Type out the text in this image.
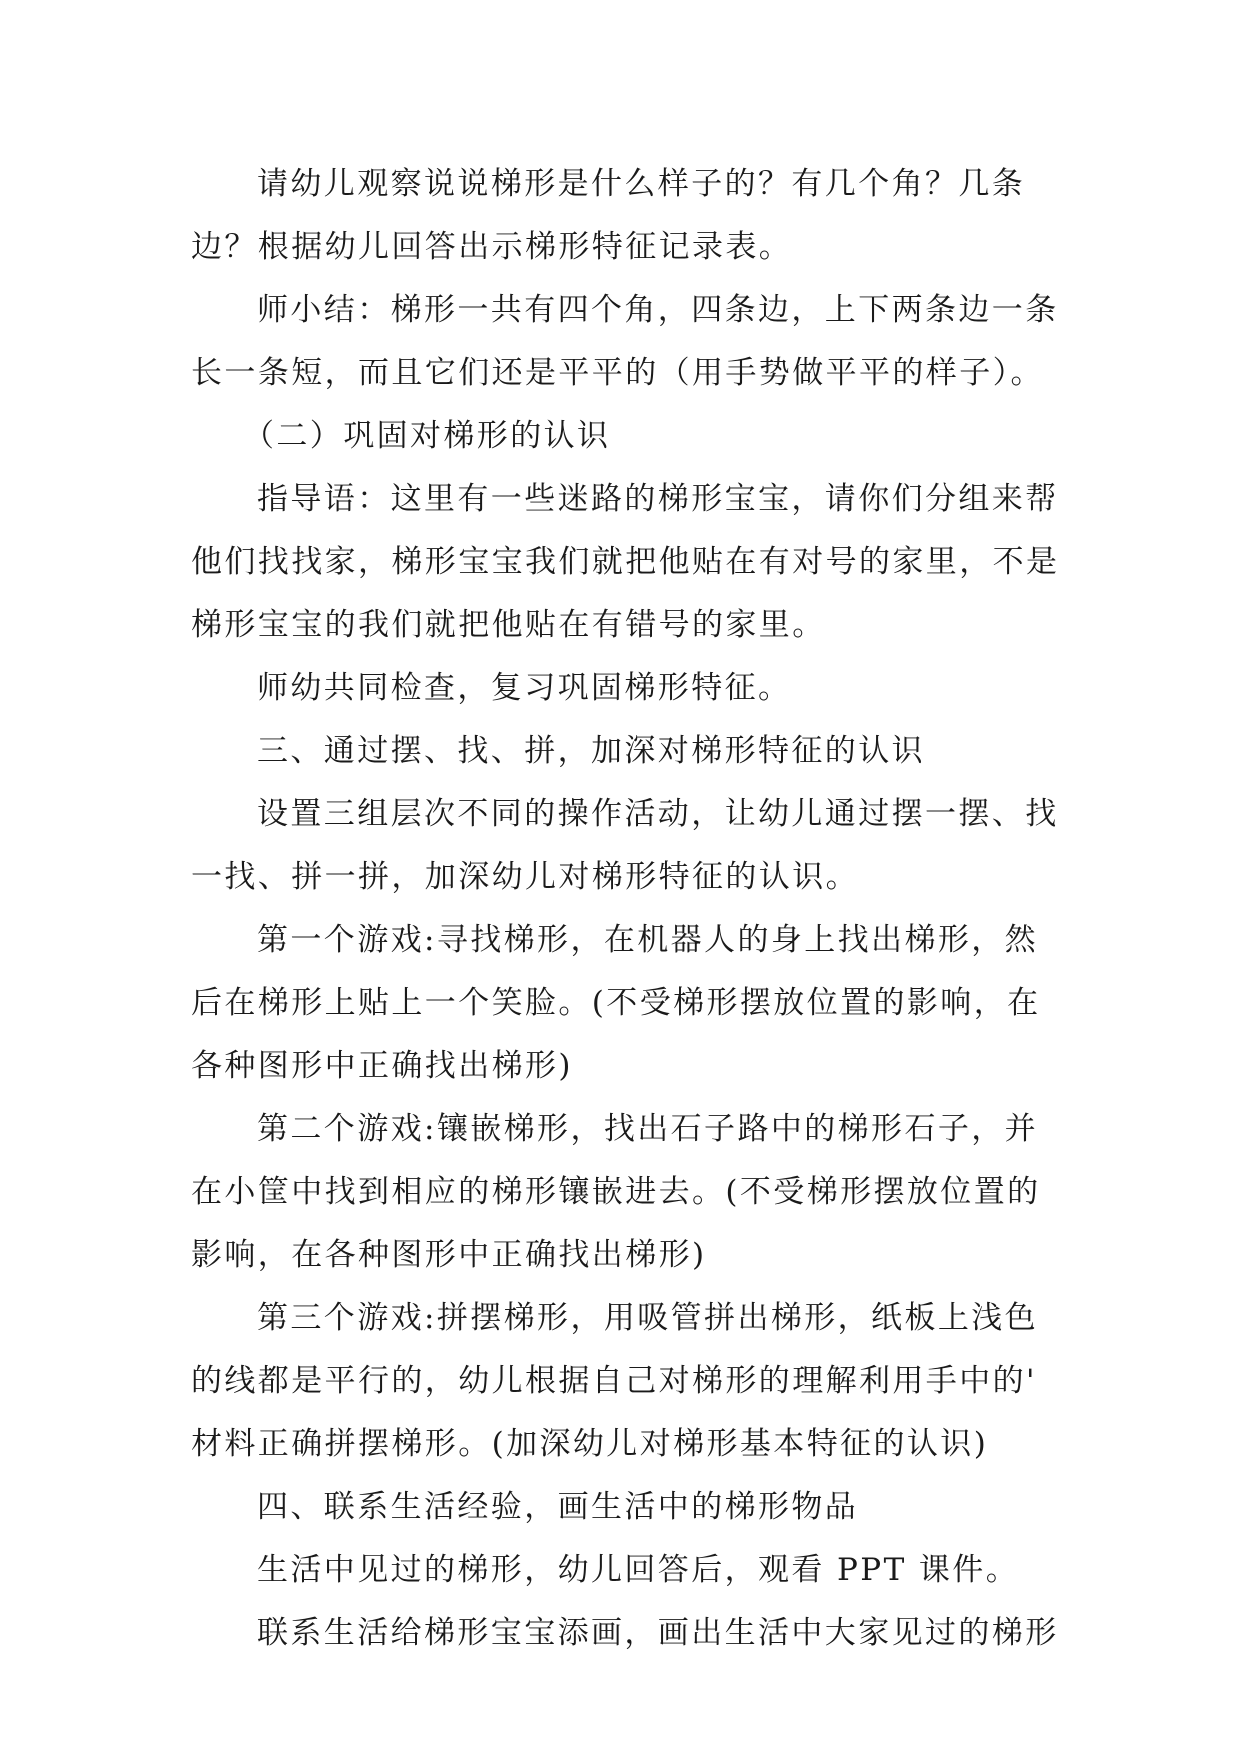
请幼儿观察说说梯形是什么样子的？有几个角？几条
边？根据幼儿回答出示梯形特征记录表。
师小结：梯形一共有四个角，四条边，上下两条边一条
长一条短，而且它们还是平平的（用手势做平平的样子）。
（二）巩固对梯形的认识
指导语：这里有一些迷路的梯形宝宝，请你们分组来帮
他们找找家，梯形宝宝我们就把他贴在有对号的家里，不是
梯形宝宝的我们就把他贴在有错号的家里。
师幼共同检查，复习巩固梯形特征。
三、通过摆、找、拼，加深对梯形特征的认识
设置三组层次不同的操作活动，让幼儿通过摆一摆、找
一找、拼一拼，加深幼儿对梯形特征的认识。
第一个游戏:寻找梯形，在机器人的身上找出梯形，然
后在梯形上贴上一个笑脸。(不受梯形摆放位置的影响，在
各种图形中正确找出梯形)
第二个游戏:镶嵌梯形，找出石子路中的梯形石子，并
在小筐中找到相应的梯形镶嵌进去。(不受梯形摆放位置的
影响，在各种图形中正确找出梯形)
第三个游戏:拼摆梯形，用吸管拼出梯形，纸板上浅色
的线都是平行的，幼儿根据自己对梯形的理解利用手中的'
材料正确拼摆梯形。(加深幼儿对梯形基本特征的认识)
四、联系生活经验，画生活中的梯形物品
生活中见过的梯形，幼儿回答后，观看 PPT 课件。
联系生活给梯形宝宝添画，画出生活中大家见过的梯形
